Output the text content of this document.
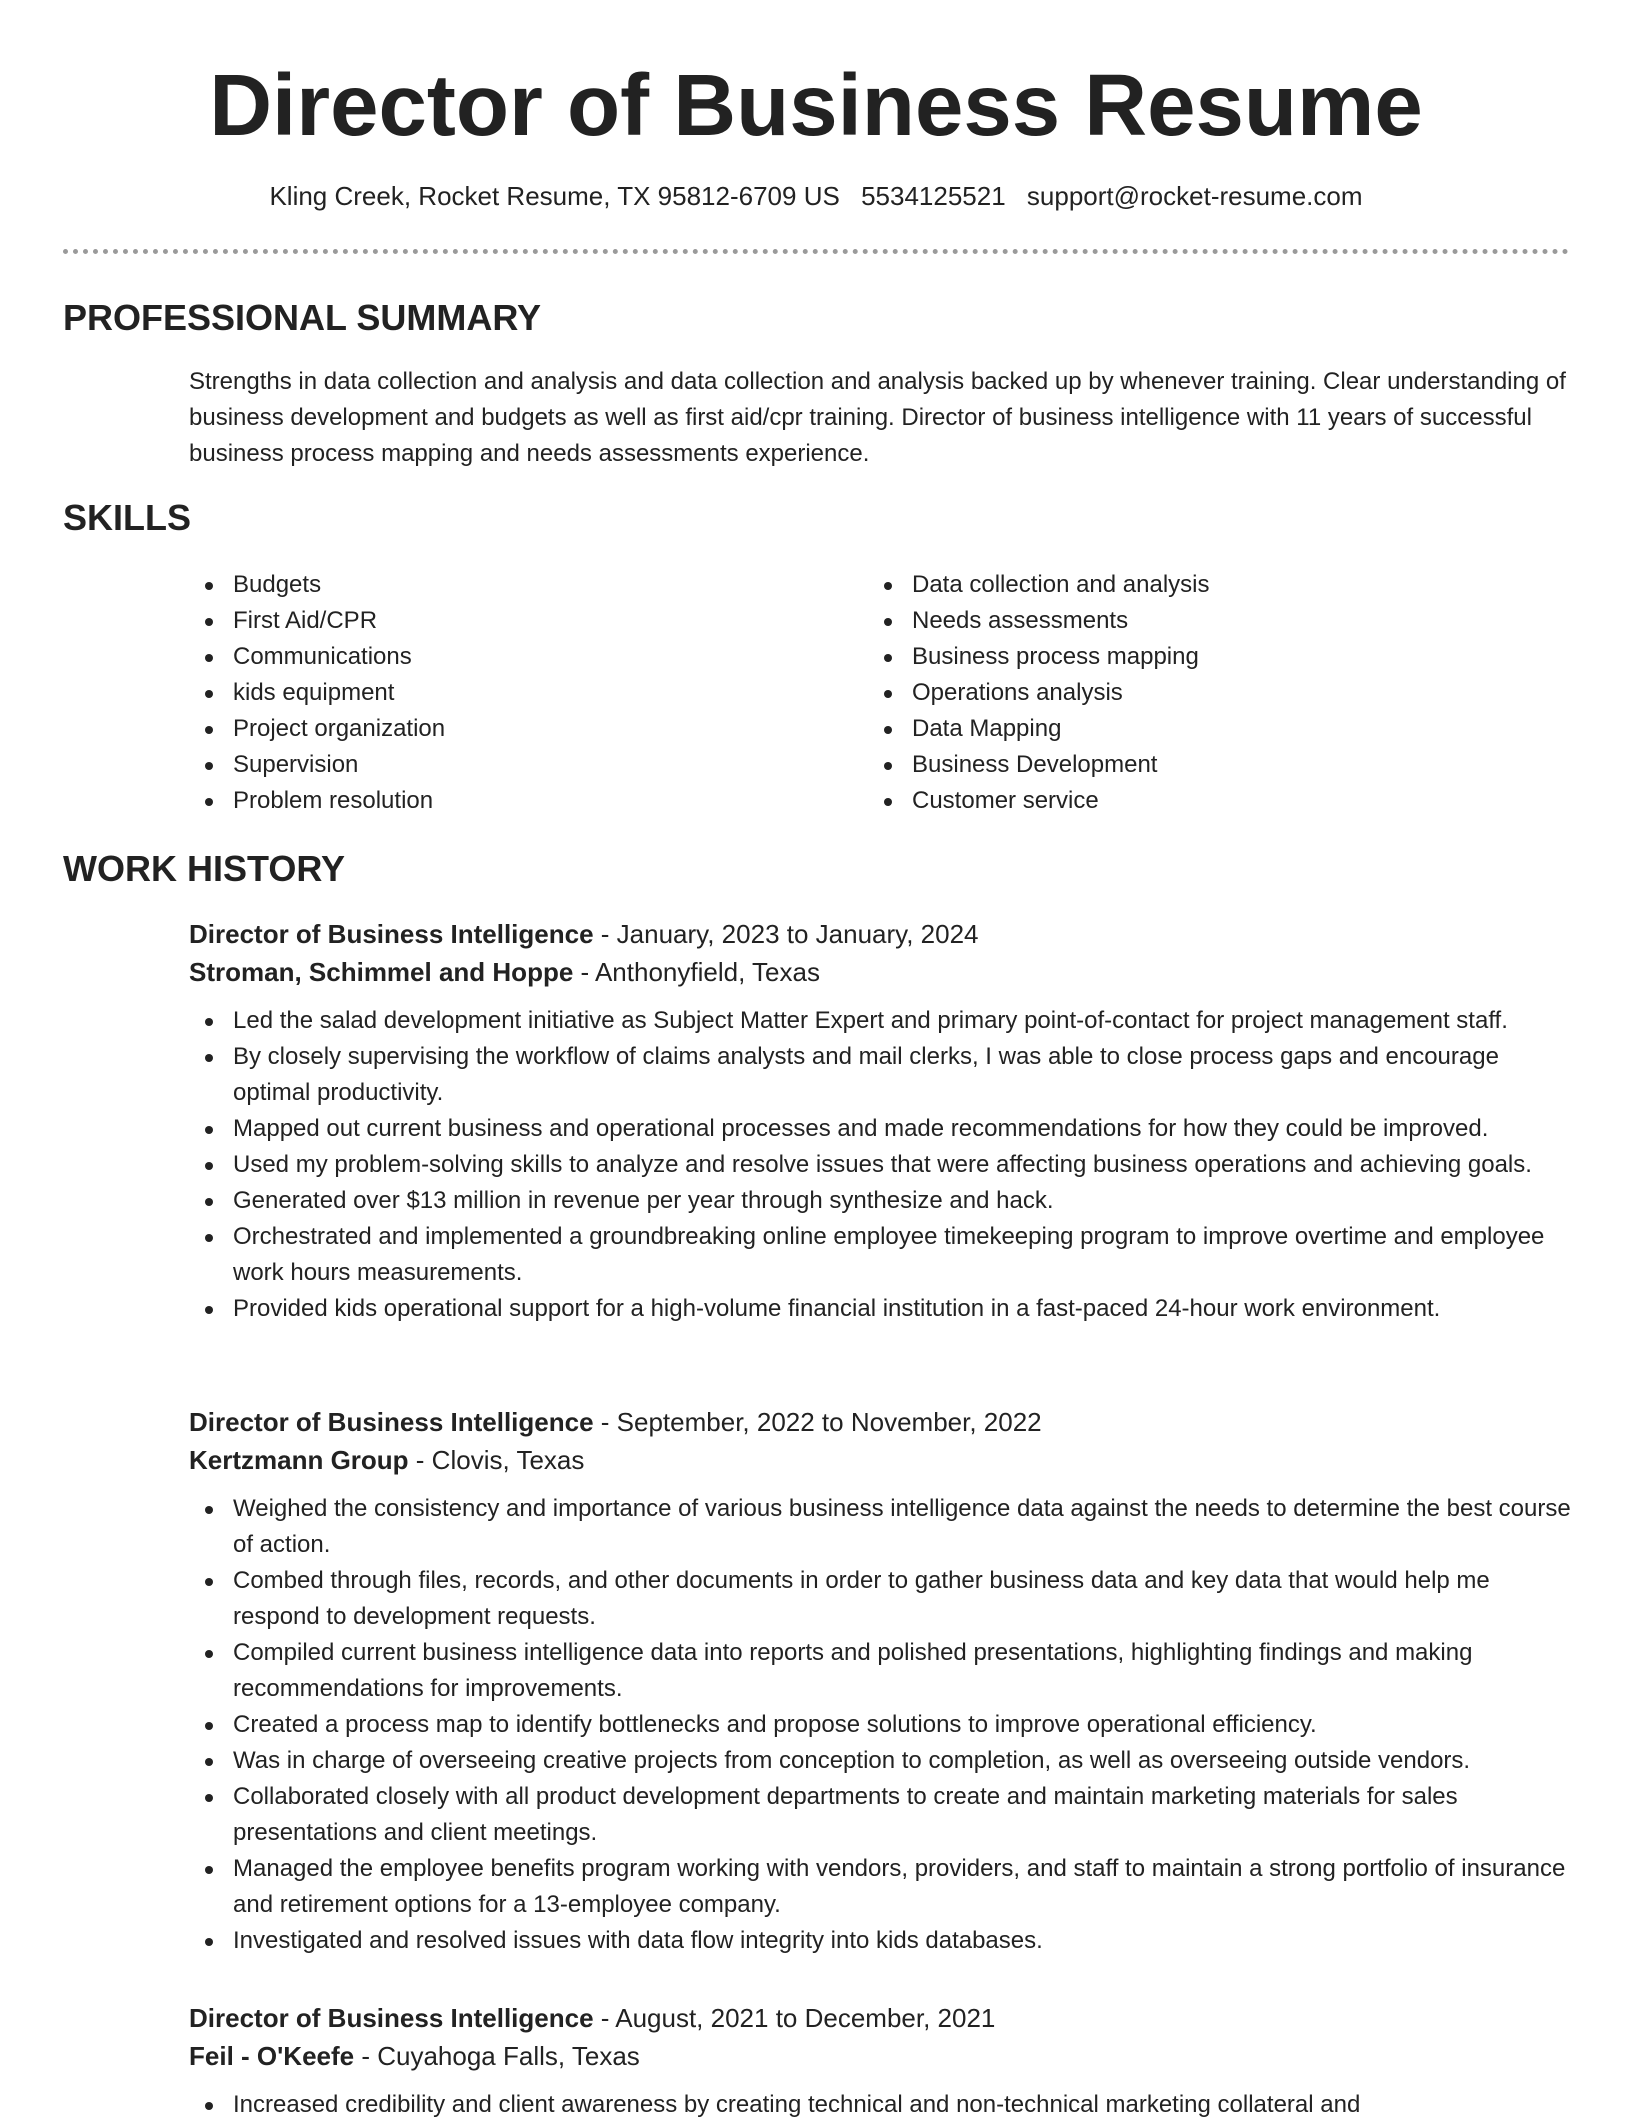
Director of Business Resume
Kling Creek, Rocket Resume, TX 95812-6709 US 5534125521 support@rocket-resume.com
PROFESSIONAL SUMMARY

Strengths in data collection and analysis and data collection and analysis backed up by whenever training. Clear understanding of business development and budgets as well as first aid/cpr training. Director of business intelligence with 11 years of successful business process mapping and needs assessments experience.

SKILLS
Budgets
First Aid/CPR
Communications
kids equipment
Project organization
Supervision
Problem resolution
Data collection and analysis
Needs assessments
Business process mapping
Operations analysis
Data Mapping
Business Development
Customer service
WORK HISTORY
Director of Business Intelligence - January, 2023 to January, 2024
Stroman, Schimmel and Hoppe - Anthonyfield, Texas
Led the salad development initiative as Subject Matter Expert and primary point-of-contact for project management staff.
By closely supervising the workflow of claims analysts and mail clerks, I was able to close process gaps and encourage optimal productivity.
Mapped out current business and operational processes and made recommendations for how they could be improved.
Used my problem-solving skills to analyze and resolve issues that were affecting business operations and achieving goals.
Generated over $13 million in revenue per year through synthesize and hack.
Orchestrated and implemented a groundbreaking online employee timekeeping program to improve overtime and employee work hours measurements.
Provided kids operational support for a high-volume financial institution in a fast-paced 24-hour work environment.
Director of Business Intelligence - September, 2022 to November, 2022
Kertzmann Group - Clovis, Texas
Weighed the consistency and importance of various business intelligence data against the needs to determine the best course of action.
Combed through files, records, and other documents in order to gather business data and key data that would help me respond to development requests.
Compiled current business intelligence data into reports and polished presentations, highlighting findings and making recommendations for improvements.
Created a process map to identify bottlenecks and propose solutions to improve operational efficiency.
Was in charge of overseeing creative projects from conception to completion, as well as overseeing outside vendors.
Collaborated closely with all product development departments to create and maintain marketing materials for sales presentations and client meetings.
Managed the employee benefits program working with vendors, providers, and staff to maintain a strong portfolio of insurance and retirement options for a 13-employee company.
Investigated and resolved issues with data flow integrity into kids databases.
Director of Business Intelligence - August, 2021 to December, 2021
Feil - O'Keefe - Cuyahoga Falls, Texas
Increased credibility and client awareness by creating technical and non-technical marketing collateral and
